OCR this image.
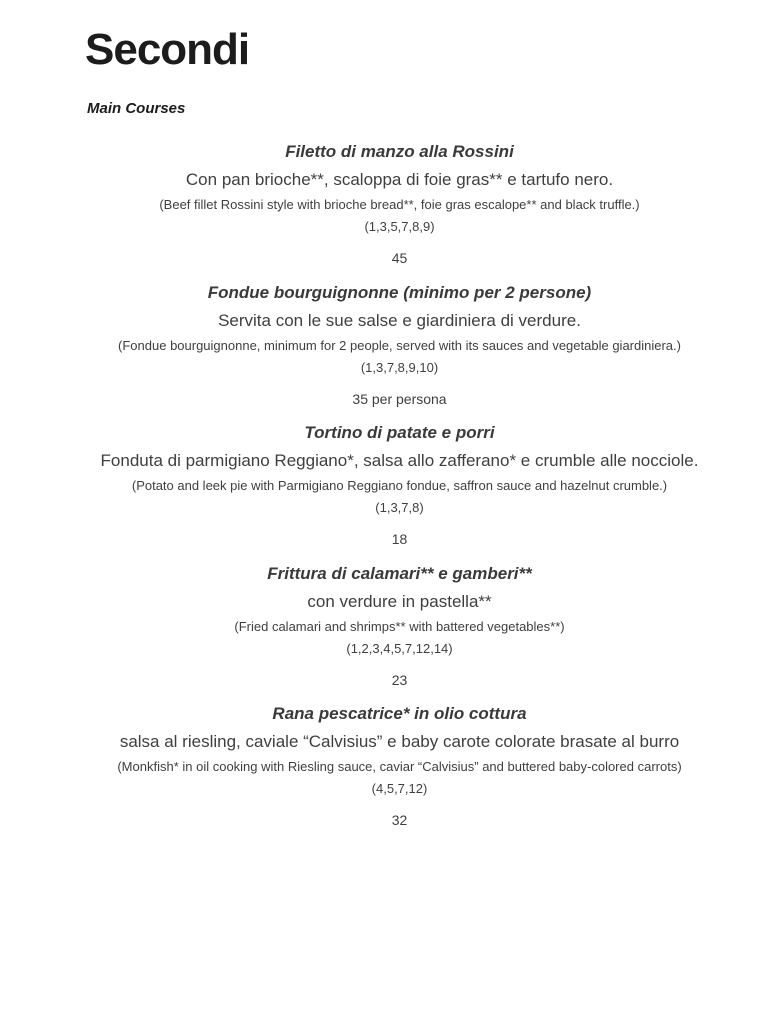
Secondi
Main Courses
Filetto di manzo alla Rossini

Con pan brioche**, scaloppa di foie gras** e tartufo nero.

(Beef fillet Rossini style with brioche bread**, foie gras escalope** and black truffle.)

(1,3,5,7,8,9)

45

Fondue bourguignonne (minimo per 2 persone)

Servita con le sue salse e giardiniera di verdure.

(Fondue bourguignonne, minimum for 2 people, served with its sauces and vegetable giardiniera.)

(1,3,7,8,9,10)

35 per persona

Tortino di patate e porri

Fonduta di parmigiano Reggiano*, salsa allo zafferano* e crumble alle nocciole.

(Potato and leek pie with Parmigiano Reggiano fondue, saffron sauce and hazelnut crumble.)

(1,3,7,8)

18

Frittura di calamari** e gamberi**

con verdure in pastella**

(Fried calamari and shrimps** with battered vegetables**)

(1,2,3,4,5,7,12,14)

23

Rana pescatrice* in olio cottura

salsa al riesling, caviale “Calvisius” e baby carote colorate brasate al burro

(Monkfish* in oil cooking with Riesling sauce, caviar “Calvisius” and buttered baby-colored carrots)

(4,5,7,12)

32
